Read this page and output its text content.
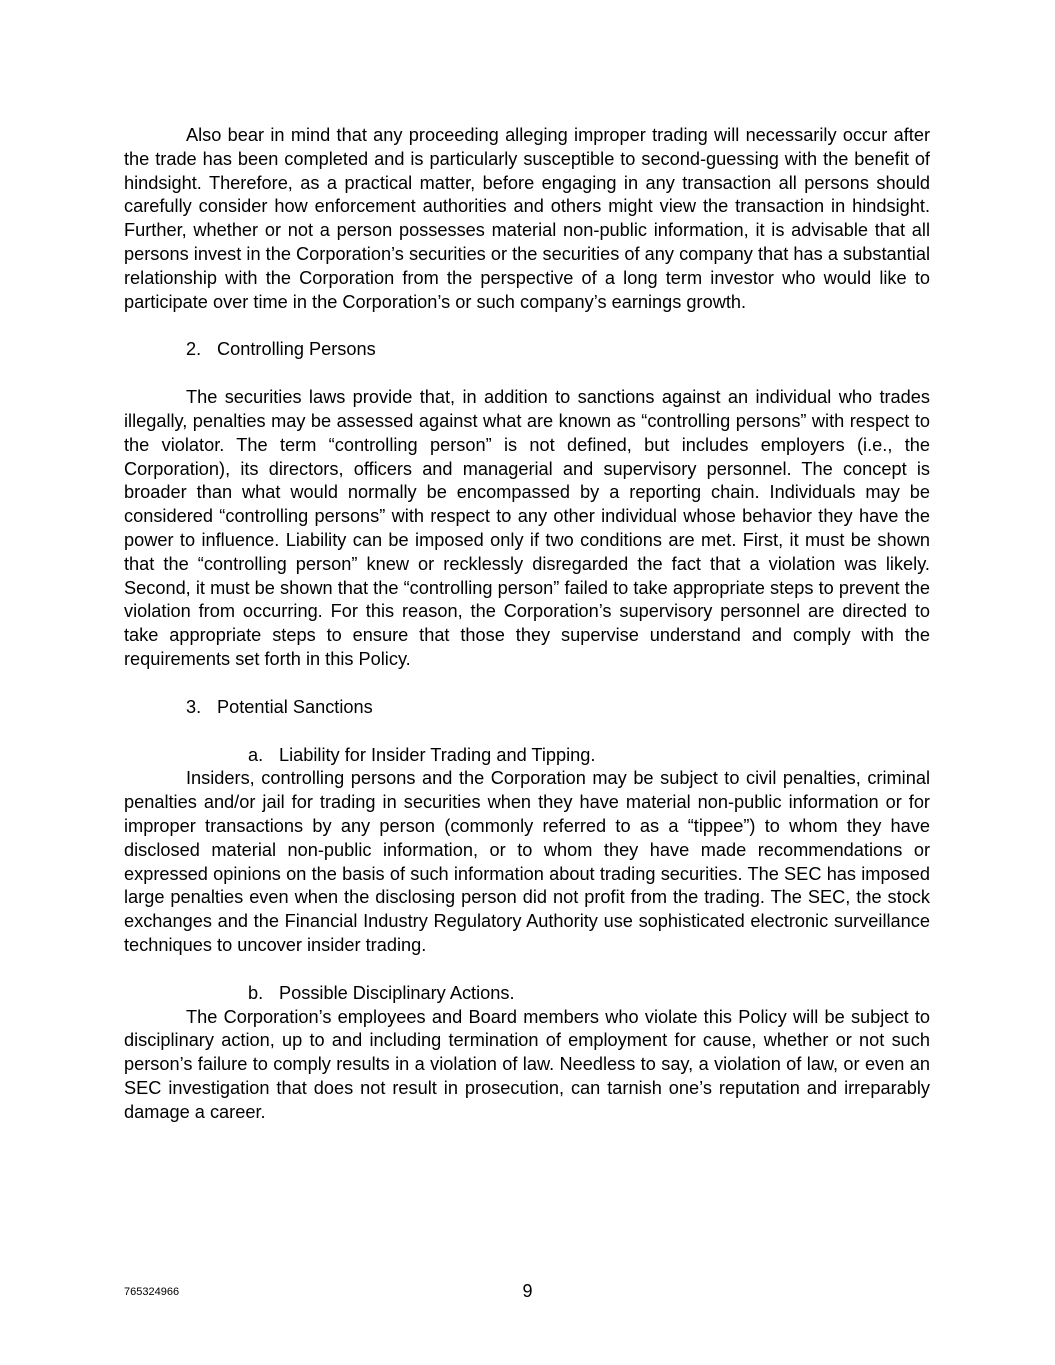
Also bear in mind that any proceeding alleging improper trading will necessarily occur after the trade has been completed and is particularly susceptible to second-guessing with the benefit of hindsight. Therefore, as a practical matter, before engaging in any transaction all persons should carefully consider how enforcement authorities and others might view the transaction in hindsight. Further, whether or not a person possesses material non-public information, it is advisable that all persons invest in the Corporation’s securities or the securities of any company that has a substantial relationship with the Corporation from the perspective of a long term investor who would like to participate over time in the Corporation’s or such company’s earnings growth.

2. Controlling Persons

The securities laws provide that, in addition to sanctions against an individual who trades illegally, penalties may be assessed against what are known as “controlling persons” with respect to the violator. The term “controlling person” is not defined, but includes employers (i.e., the Corporation), its directors, officers and managerial and supervisory personnel. The concept is broader than what would normally be encompassed by a reporting chain. Individuals may be considered “controlling persons” with respect to any other individual whose behavior they have the power to influence. Liability can be imposed only if two conditions are met. First, it must be shown that the “controlling person” knew or recklessly disregarded the fact that a violation was likely. Second, it must be shown that the “controlling person” failed to take appropriate steps to prevent the violation from occurring. For this reason, the Corporation’s supervisory personnel are directed to take appropriate steps to ensure that those they supervise understand and comply with the requirements set forth in this Policy.

3. Potential Sanctions

a. Liability for Insider Trading and Tipping.

Insiders, controlling persons and the Corporation may be subject to civil penalties, criminal penalties and/or jail for trading in securities when they have material non-public information or for improper transactions by any person (commonly referred to as a “tippee”) to whom they have disclosed material non-public information, or to whom they have made recommendations or expressed opinions on the basis of such information about trading securities. The SEC has imposed large penalties even when the disclosing person did not profit from the trading. The SEC, the stock exchanges and the Financial Industry Regulatory Authority use sophisticated electronic surveillance techniques to uncover insider trading.

b. Possible Disciplinary Actions.

The Corporation’s employees and Board members who violate this Policy will be subject to disciplinary action, up to and including termination of employment for cause, whether or not such person’s failure to comply results in a violation of law. Needless to say, a violation of law, or even an SEC investigation that does not result in prosecution, can tarnish one’s reputation and irreparably damage a career.

765324966	9
